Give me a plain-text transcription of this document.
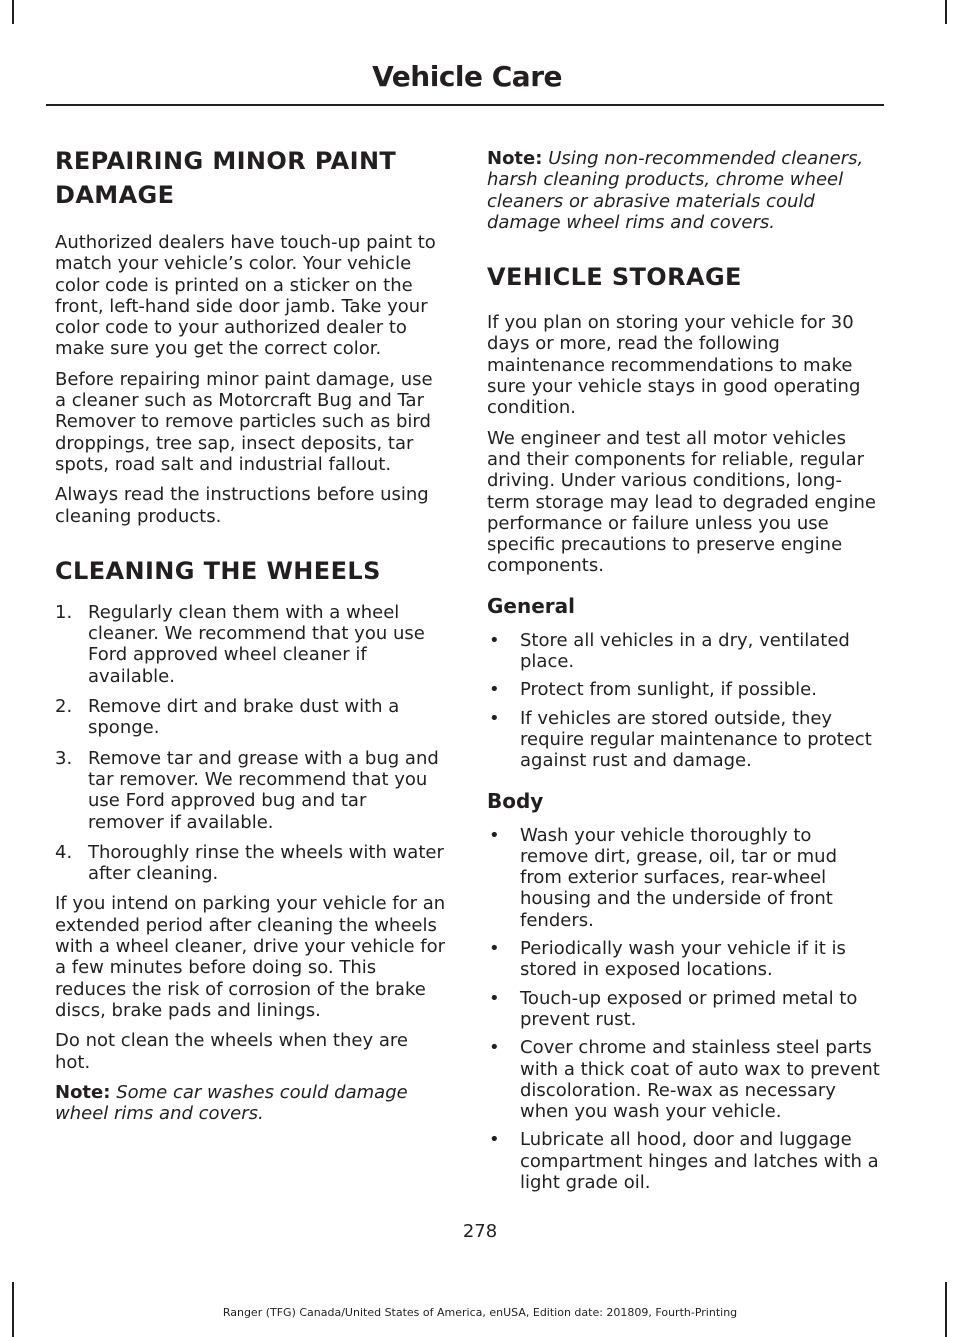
Vehicle Care
REPAIRING MINOR PAINT
DAMAGE

Authorized dealers have touch-up paint to match your vehicle’s color. Your vehicle color code is printed on a sticker on the front, left-hand side door jamb. Take your color code to your authorized dealer to make sure you get the correct color.

Before repairing minor paint damage, use a cleaner such as Motorcraft Bug and Tar Remover to remove particles such as bird droppings, tree sap, insect deposits, tar spots, road salt and industrial fallout.

Always read the instructions before using cleaning products.

CLEANING THE WHEELS
1. Regularly clean them with a wheel cleaner. We recommend that you use Ford approved wheel cleaner if available.
2. Remove dirt and brake dust with a sponge.
3. Remove tar and grease with a bug and tar remover. We recommend that you use Ford approved bug and tar remover if available.
4. Thoroughly rinse the wheels with water after cleaning.

If you intend on parking your vehicle for an extended period after cleaning the wheels with a wheel cleaner, drive your vehicle for a few minutes before doing so. This reduces the risk of corrosion of the brake discs, brake pads and linings.

Do not clean the wheels when they are hot.

Note: Some car washes could damage wheel rims and covers.

Note: Using non-recommended cleaners, harsh cleaning products, chrome wheel cleaners or abrasive materials could damage wheel rims and covers.

VEHICLE STORAGE

If you plan on storing your vehicle for 30 days or more, read the following maintenance recommendations to make sure your vehicle stays in good operating condition.

We engineer and test all motor vehicles and their components for reliable, regular driving. Under various conditions, long-term storage may lead to degraded engine performance or failure unless you use specific precautions to preserve engine components.

General
• Store all vehicles in a dry, ventilated place.
• Protect from sunlight, if possible.
• If vehicles are stored outside, they require regular maintenance to protect against rust and damage.
Body
• Wash your vehicle thoroughly to remove dirt, grease, oil, tar or mud from exterior surfaces, rear-wheel housing and the underside of front fenders.
• Periodically wash your vehicle if it is stored in exposed locations.
• Touch-up exposed or primed metal to prevent rust.
• Cover chrome and stainless steel parts with a thick coat of auto wax to prevent discoloration. Re-wax as necessary when you wash your vehicle.
• Lubricate all hood, door and luggage compartment hinges and latches with a light grade oil.
278
Ranger (TFG) Canada/United States of America, enUSA, Edition date: 201809, Fourth-Printing
